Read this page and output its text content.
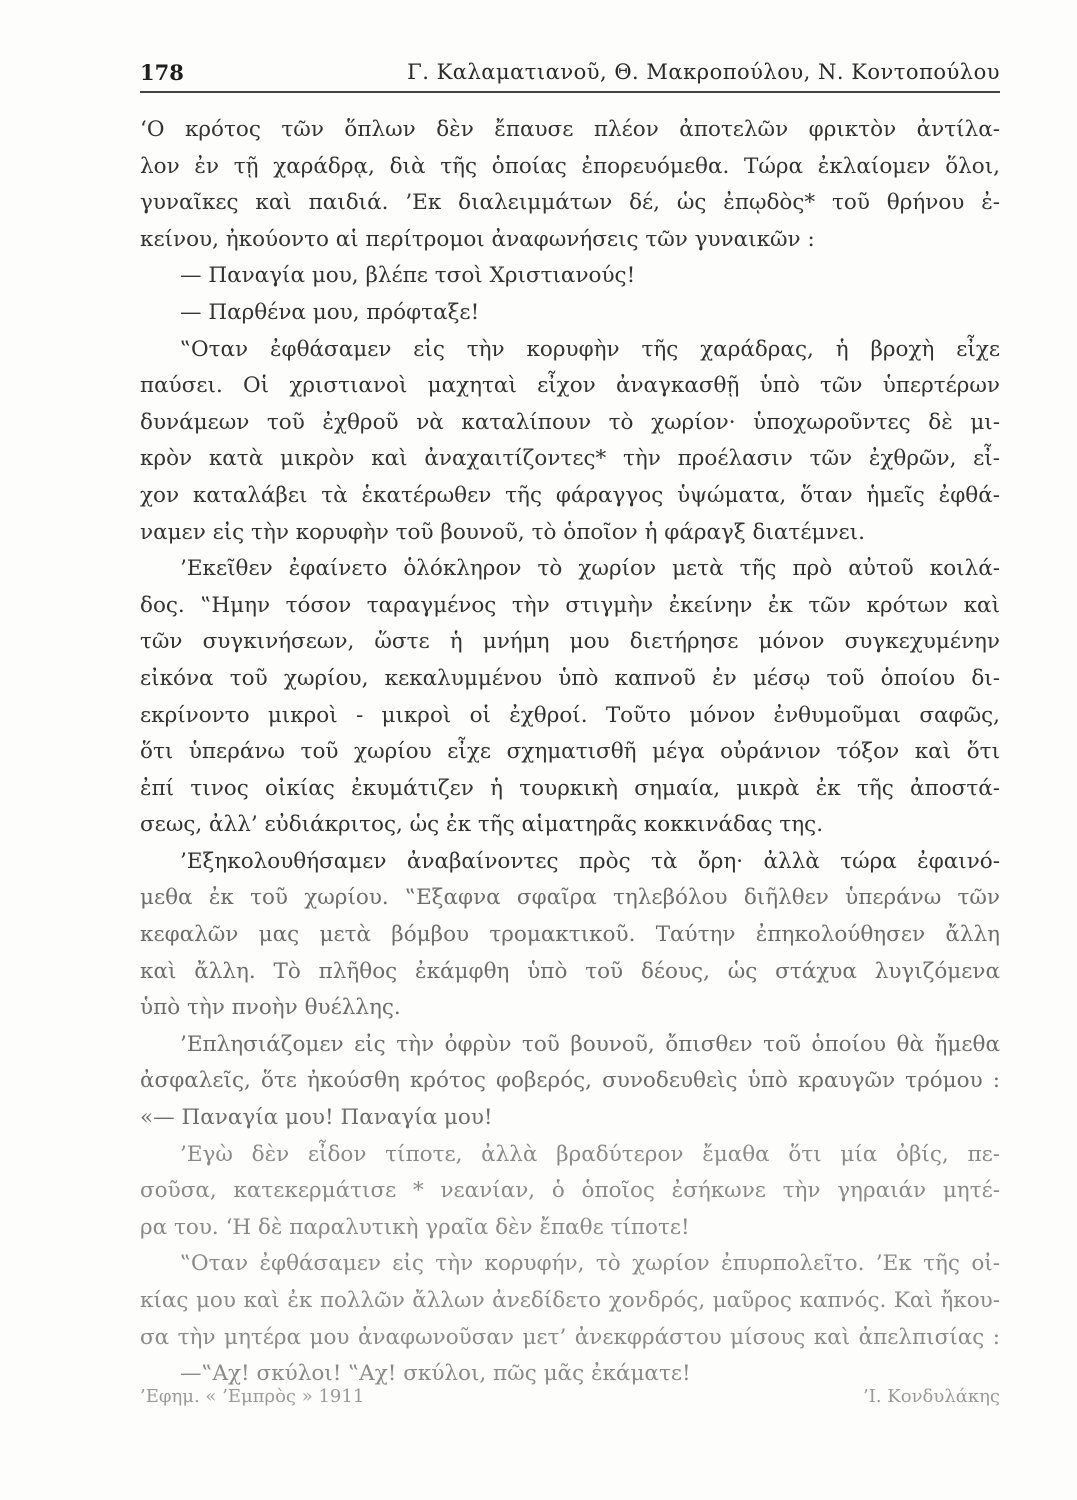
178	Γ. Καλαματιανοῦ, Θ. Μακροπούλου, Ν. Κοντοπούλου
‘Ο κρότος τῶν ὅπλων δὲν ἔπαυσε πλέον ἀποτελῶν φρικτὸν ἀντίλα-
λον ἐν τῇ χαράδρᾳ, διὰ τῆς ὁποίας ἐπορευόμεθα. Τώρα ἐκλαίομεν ὅλοι,
γυναῖκες καὶ παιδιά. ’Εκ διαλειμμάτων δέ, ὡς ἐπῳδὸς* τοῦ θρήνου ἐ-
κείνου, ἠκούοντο αἱ περίτρομοι ἀναφωνήσεις τῶν γυναικῶν :
— Παναγία μου, βλέπε τσοὶ Χριστιανούς!
— Παρθένα μου, πρόφταξε!
‟Οταν ἐφθάσαμεν εἰς τὴν κορυφὴν τῆς χαράδρας, ἡ βροχὴ εἶχε
παύσει. Οἱ χριστιανοὶ μαχηταὶ εἶχον ἀναγκασθῇ ὑπὸ τῶν ὑπερτέρων
δυνάμεων τοῦ ἐχθροῦ νὰ καταλίπουν τὸ χωρίον· ὑποχωροῦντες δὲ μι-
κρὸν κατὰ μικρὸν καὶ ἀναχαιτίζοντες* τὴν προέλασιν τῶν ἐχθρῶν, εἶ-
χον καταλάβει τὰ ἑκατέρωθεν τῆς φάραγγος ὑψώματα, ὅταν ἡμεῖς ἐφθά-
ναμεν εἰς τὴν κορυφὴν τοῦ βουνοῦ, τὸ ὁποῖον ἡ φάραγξ διατέμνει.
’Εκεῖθεν ἐφαίνετο ὁλόκληρον τὸ χωρίον μετὰ τῆς πρὸ αὐτοῦ κοιλά-
δος. ‟Ημην τόσον ταραγμένος τὴν στιγμὴν ἐκείνην ἐκ τῶν κρότων καὶ
τῶν συγκινήσεων, ὥστε ἡ μνήμη μου διετήρησε μόνον συγκεχυμένην
εἰκόνα τοῦ χωρίου, κεκαλυμμένου ὑπὸ καπνοῦ ἐν μέσῳ τοῦ ὁποίου δι-
εκρίνοντο μικροὶ - μικροὶ οἱ ἐχθροί. Τοῦτο μόνον ἐνθυμοῦμαι σαφῶς,
ὅτι ὑπεράνω τοῦ χωρίου εἶχε σχηματισθῆ μέγα οὐράνιον τόξον καὶ ὅτι
ἐπί τινος οἰκίας ἐκυμάτιζεν ἡ τουρκικὴ σημαία, μικρὰ ἐκ τῆς ἀποστά-
σεως, ἀλλ’ εὐδιάκριτος, ὡς ἐκ τῆς αἱματηρᾶς κοκκινάδας της.
’Εξηκολουθήσαμεν ἀναβαίνοντες πρὸς τὰ ὄρη· ἀλλὰ τώρα ἐφαινό-
μεθα ἐκ τοῦ χωρίου. ‟Εξαφνα σφαῖρα τηλεβόλου διῆλθεν ὑπεράνω τῶν
κεφαλῶν μας μετὰ βόμβου τρομακτικοῦ. Ταύτην ἐπηκολούθησεν ἄλλη
καὶ ἄλλη. Τὸ πλῆθος ἐκάμφθη ὑπὸ τοῦ δέους, ὡς στάχυα λυγιζόμενα
ὑπὸ τὴν πνοὴν θυέλλης.
’Επλησιάζομεν εἰς τὴν ὀφρὺν τοῦ βουνοῦ, ὄπισθεν τοῦ ὁποίου θὰ ἤμεθα
ἀσφαλεῖς, ὅτε ἠκούσθη κρότος φοβερός, συνοδευθεὶς ὑπὸ κραυγῶν τρόμου :
«— Παναγία μου! Παναγία μου!
’Εγὼ δὲν εἶδον τίποτε, ἀλλὰ βραδύτερον ἔμαθα ὅτι μία ὀβίς, πε-
σοῦσα, κατεκερμάτισε * νεανίαν, ὁ ὁποῖος ἐσήκωνε τὴν γηραιάν μητέ-
ρα του. ‘Η δὲ παραλυτικὴ γραῖα δὲν ἔπαθε τίποτε!
‟Οταν ἐφθάσαμεν εἰς τὴν κορυφήν, τὸ χωρίον ἐπυρπολεῖτο. ’Εκ τῆς οἰ-
κίας μου καὶ ἐκ πολλῶν ἄλλων ἀνεδίδετο χονδρός, μαῦρος καπνός. Καὶ ἤκου-
σα τὴν μητέρα μου ἀναφωνοῦσαν μετ’ ἀνεκφράστου μίσους καὶ ἀπελπισίας :
—‟Αχ! σκύλοι! ‟Αχ! σκύλοι, πῶς μᾶς ἐκάματε!
’Εφημ. « ’Εμπρὸς » 1911	’Ι. Κονδυλάκης
